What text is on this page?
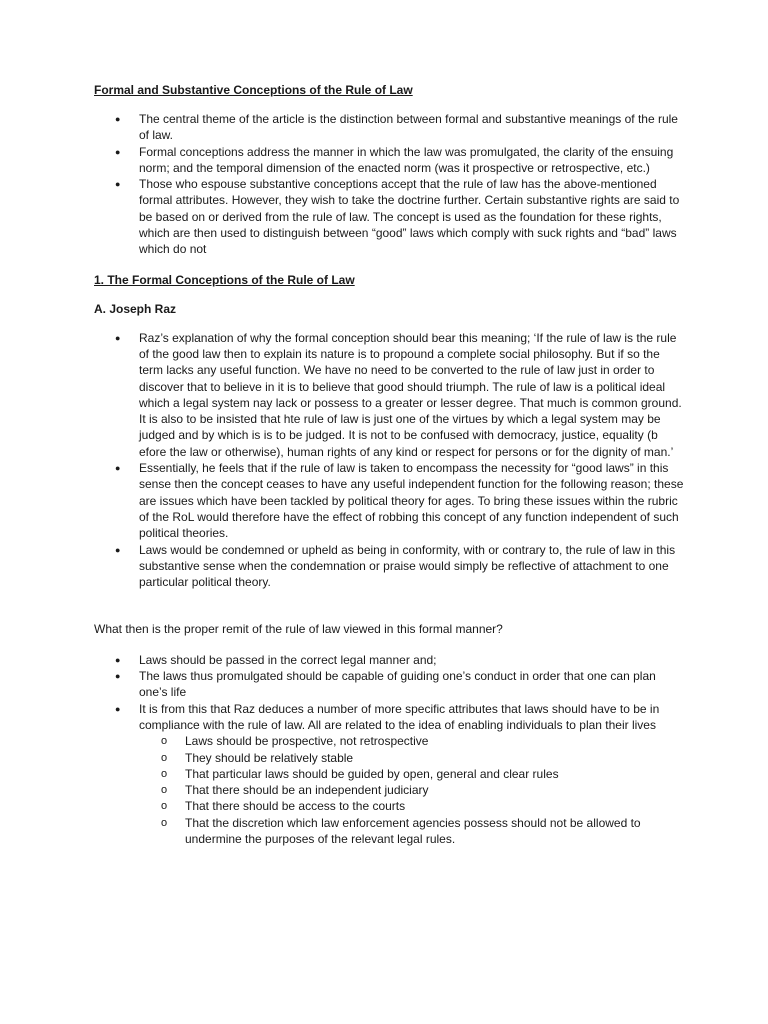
Formal and Substantive Conceptions of the Rule of Law

● The central theme of the article is the distinction between formal and substantive meanings of the rule of law.
● Formal conceptions address the manner in which the law was promulgated, the clarity of the ensuing norm; and the temporal dimension of the enacted norm (was it prospective or retrospective, etc.)
● Those who espouse substantive conceptions accept that the rule of law has the above-mentioned formal attributes. However, they wish to take the doctrine further. Certain substantive rights are said to be based on or derived from the rule of law. The concept is used as the foundation for these rights, which are then used to distinguish between “good” laws which comply with suck rights and “bad” laws which do not

1. The Formal Conceptions of the Rule of Law

A. Joseph Raz

● Raz’s explanation of why the formal conception should bear this meaning; ‘If the rule of law is the rule of the good law then to explain its nature is to propound a complete social philosophy. But if so the term lacks any useful function. We have no need to be converted to the rule of law just in order to discover that to believe in it is to believe that good should triumph. The rule of law is a political ideal which a legal system nay lack or possess to a greater or lesser degree. That much is common ground. It is also to be insisted that hte rule of law is just one of the virtues by which a legal system may be judged and by which is is to be judged. It is not to be confused with democracy, justice, equality (b efore the law or otherwise), human rights of any kind or respect for persons or for the dignity of man.’
● Essentially, he feels that if the rule of law is taken to encompass the necessity for “good laws” in this sense then the concept ceases to have any useful independent function for the following reason; these are issues which have been tackled by political theory for ages. To bring these issues within the rubric of the RoL would therefore have the effect of robbing this concept of any function independent of such political theories.
● Laws would be condemned or upheld as being in conformity, with or contrary to, the rule of law in this substantive sense when the condemnation or praise would simply be reflective of attachment to one particular political theory.

What then is the proper remit of the rule of law viewed in this formal manner?

● Laws should be passed in the correct legal manner and;
● The laws thus promulgated should be capable of guiding one’s conduct in order that one can plan one’s life
● It is from this that Raz deduces a number of more specific attributes that laws should have to be in compliance with the rule of law. All are related to the idea of enabling individuals to plan their lives
o Laws should be prospective, not retrospective
o They should be relatively stable
o That particular laws should be guided by open, general and clear rules
o That there should be an independent judiciary
o That there should be access to the courts
o That the discretion which law enforcement agencies possess should not be allowed to undermine the purposes of the relevant legal rules.
